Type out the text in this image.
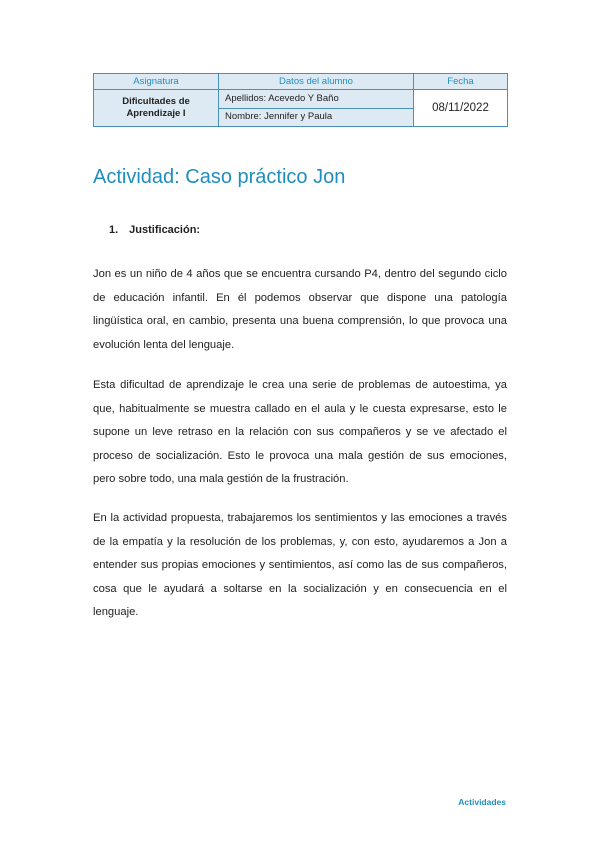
Asignatura	Datos del alumno	Fecha
Dificultades de
Aprendizaje I	Apellidos: Acevedo Y Baño	08/11/2022
	Nombre: Jennifer y Paula	
Actividad: Caso práctico Jon
1. Justificación:

Jon es un niño de 4 años que se encuentra cursando P4, dentro del segundo ciclo de educación infantil. En él podemos observar que dispone una patología lingüística oral, en cambio, presenta una buena comprensión, lo que provoca una evolución lenta del lenguaje.

Esta dificultad de aprendizaje le crea una serie de problemas de autoestima, ya que, habitualmente se muestra callado en el aula y le cuesta expresarse, esto le supone un leve retraso en la relación con sus compañeros y se ve afectado el proceso de socialización. Esto le provoca una mala gestión de sus emociones, pero sobre todo, una mala gestión de la frustración.

En la actividad propuesta, trabajaremos los sentimientos y las emociones a través de la empatía y la resolución de los problemas, y, con esto, ayudaremos a Jon a entender sus propias emociones y sentimientos, así como las de sus compañeros, cosa que le ayudará a soltarse en la socialización y en consecuencia en el lenguaje.

Actividades
